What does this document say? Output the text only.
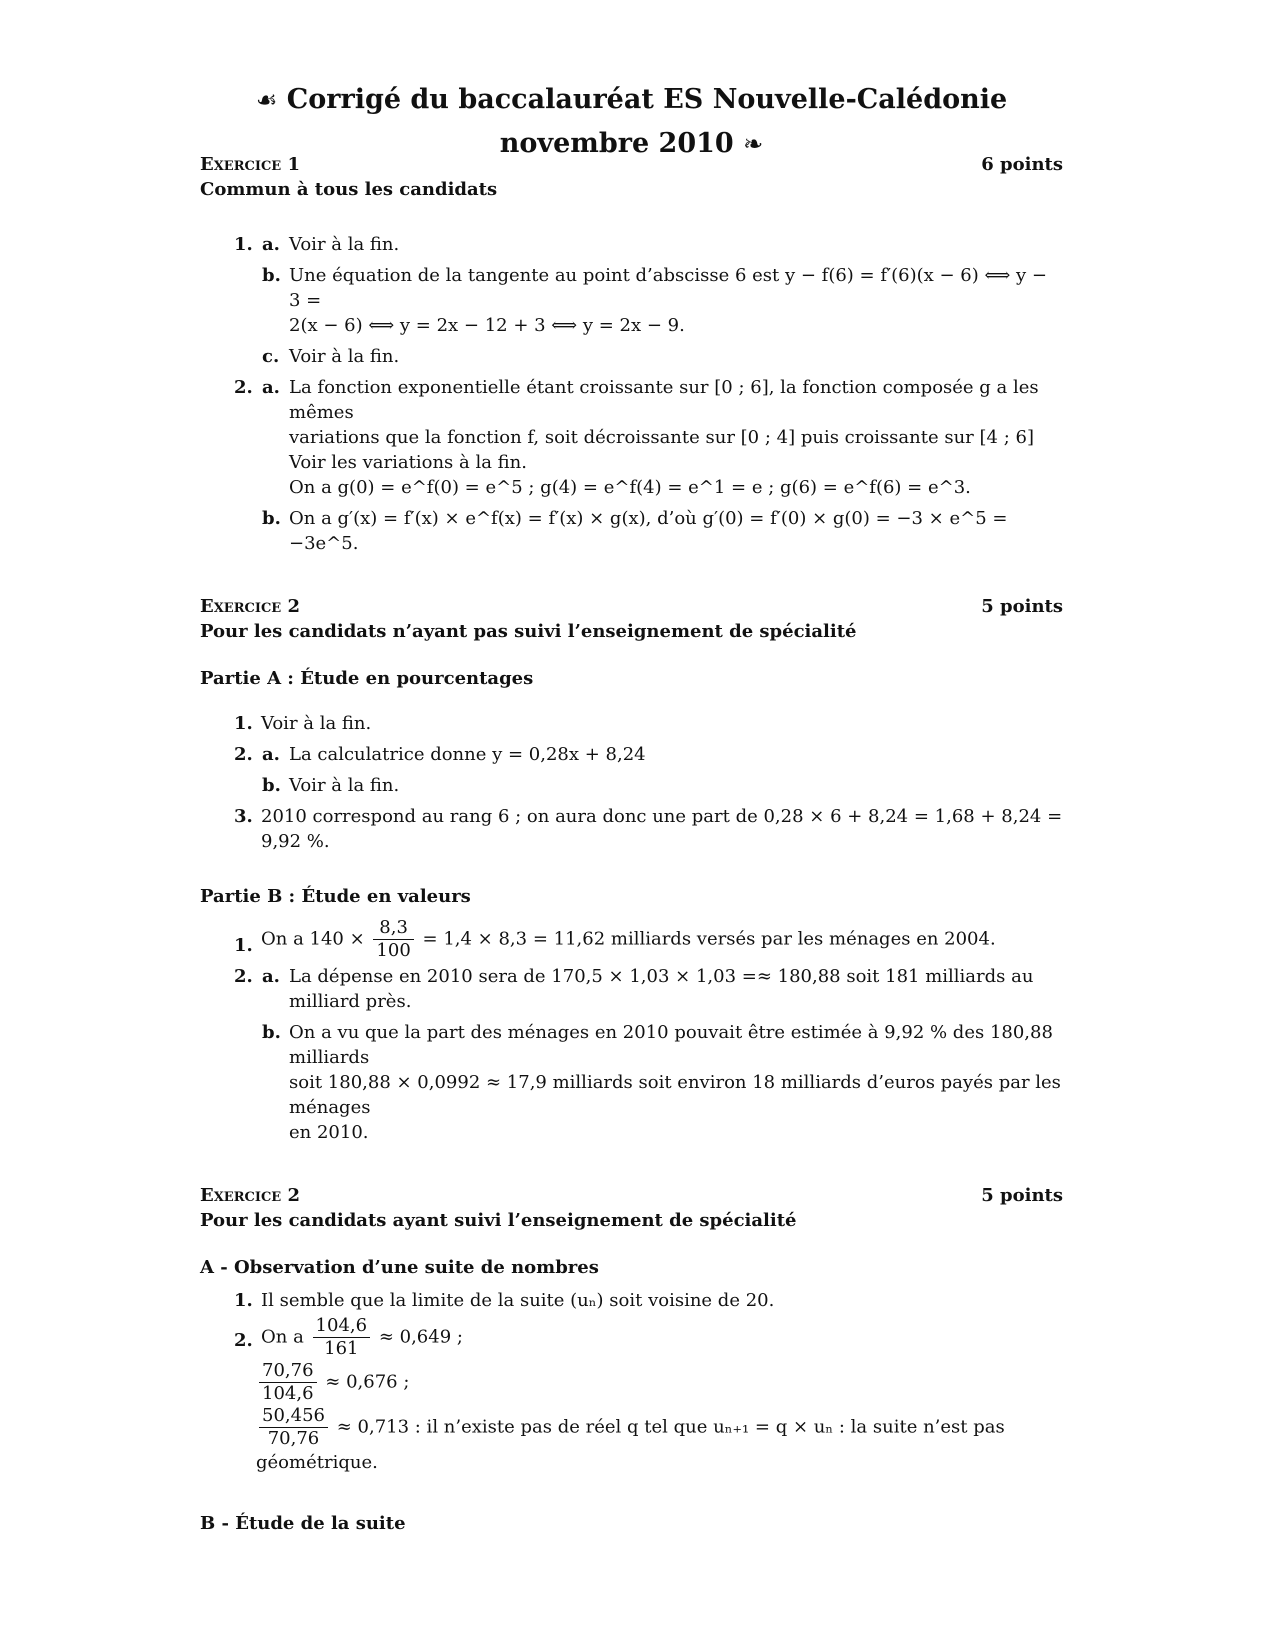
☙ Corrigé du baccalauréat ES Nouvelle-Calédonie novembre 2010 ❧
Exercice 1	6 points
Commun à tous les candidats
1. a. Voir à la fin.
b. Une équation de la tangente au point d’abscisse 6 est y − f(6) = f′(6)(x − 6) ⟺ y − 3 =
2(x − 6) ⟺ y = 2x − 12 + 3 ⟺ y = 2x − 9.
c. Voir à la fin.
2. a. La fonction exponentielle étant croissante sur [0 ; 6], la fonction composée g a les mêmes
variations que la fonction f, soit décroissante sur [0 ; 4] puis croissante sur [4 ; 6]
Voir les variations à la fin.
On a g(0) = e^f(0) = e^5 ; g(4) = e^f(4) = e^1 = e ; g(6) = e^f(6) = e^3.
b. On a g′(x) = f′(x) × e^f(x) = f′(x) × g(x), d’où g′(0) = f′(0) × g(0) = −3 × e^5 = −3e^5.
Exercice 2	5 points
Pour les candidats n’ayant pas suivi l’enseignement de spécialité
Partie A : Étude en pourcentages
1. Voir à la fin.
2. a. La calculatrice donne y = 0,28x + 8,24
b. Voir à la fin.
3. 2010 correspond au rang 6 ; on aura donc une part de 0,28 × 6 + 8,24 = 1,68 + 8,24 = 9,92 %.
Partie B : Étude en valeurs
1. On a $140 \times \frac{8,3}{100} = 1,4 \times 8,3 = 11,62$ milliards versés par les ménages en 2004.
2. a. La dépense en 2010 sera de 170,5 × 1,03 × 1,03 =≈ 180,88 soit 181 milliards au milliard près.
b. On a vu que la part des ménages en 2010 pouvait être estimée à 9,92 % des 180,88 milliards
soit 180,88 × 0,0992 ≈ 17,9 milliards soit environ 18 milliards d’euros payés par les ménages
en 2010.
Exercice 2	5 points
Pour les candidats ayant suivi l’enseignement de spécialité
A - Observation d’une suite de nombres
1. Il semble que la limite de la suite (uₙ) soit voisine de 20.
2. On a $\frac{104,6}{161} \approx 0,649$ ;
$\frac{70,76}{104,6} \approx 0,676$ ;
$\frac{50,456}{70,76} \approx 0,713$ : il n’existe pas de réel q tel que uₙ₊₁ = q × uₙ : la suite n’est pas géométrique.
B - Étude de la suite
